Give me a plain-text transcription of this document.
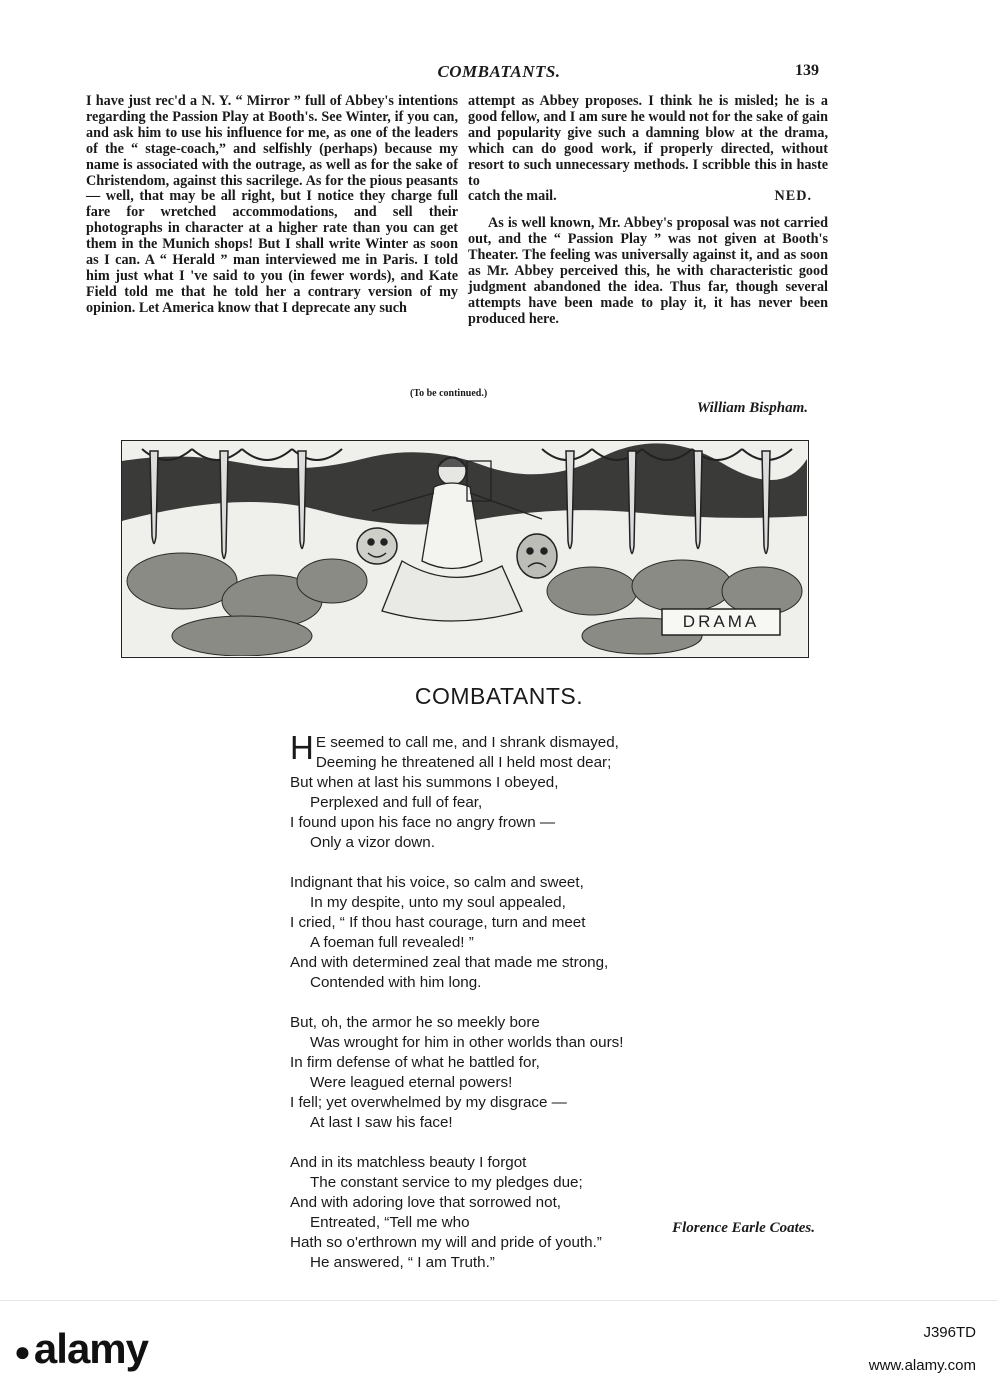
COMBATANTS.	139

I have just rec'd a N. Y. “ Mirror ” full of Abbey's intentions regarding the Passion Play at Booth's. See Winter, if you can, and ask him to use his influence for me, as one of the leaders of the “ stage-coach,” and selfishly (perhaps) because my name is associated with the outrage, as well as for the sake of Christendom, against this sacrilege. As for the pious peasants — well, that may be all right, but I notice they charge full fare for wretched accommodations, and sell their photographs in character at a higher rate than you can get them in the Munich shops! But I shall write Winter as soon as I can. A “ Herald ” man interviewed me in Paris. I told him just what I 've said to you (in fewer words), and Kate Field told me that he told her a contrary version of my opinion. Let America know that I deprecate any such

attempt as Abbey proposes. I think he is misled; he is a good fellow, and I am sure he would not for the sake of gain and popularity give such a damning blow at the drama, which can do good work, if properly directed, without resort to such unnecessary methods. I scribble this in haste to

catch the mail.	NED.

As is well known, Mr. Abbey's proposal was not carried out, and the “ Passion Play ” was not given at Booth's Theater. The feeling was universally against it, and as soon as Mr. Abbey perceived this, he with characteristic good judgment abandoned the idea. Thus far, though several attempts have been made to play it, it has never been produced here.

(To be continued.)
William Bispham.
DRAMA
COMBATANTS.
H E seemed to call me, and I shrank dismayed,
Deeming he threatened all I held most dear;
But when at last his summons I obeyed,
Perplexed and full of fear,
I found upon his face no angry frown —
Only a vizor down.
Indignant that his voice, so calm and sweet,
In my despite, unto my soul appealed,
I cried, “ If thou hast courage, turn and meet
A foeman full revealed! ”
And with determined zeal that made me strong,
Contended with him long.
But, oh, the armor he so meekly bore
Was wrought for him in other worlds than ours!
In firm defense of what he battled for,
Were leagued eternal powers!
I fell; yet overwhelmed by my disgrace —
At last I saw his face!
And in its matchless beauty I forgot
The constant service to my pledges due;
And with adoring love that sorrowed not,
Entreated, “Tell me who
Hath so o'erthrown my will and pride of youth.”
He answered, “ I am Truth.”
Florence Earle Coates.
●alamy	J396TD
www.alamy.com
